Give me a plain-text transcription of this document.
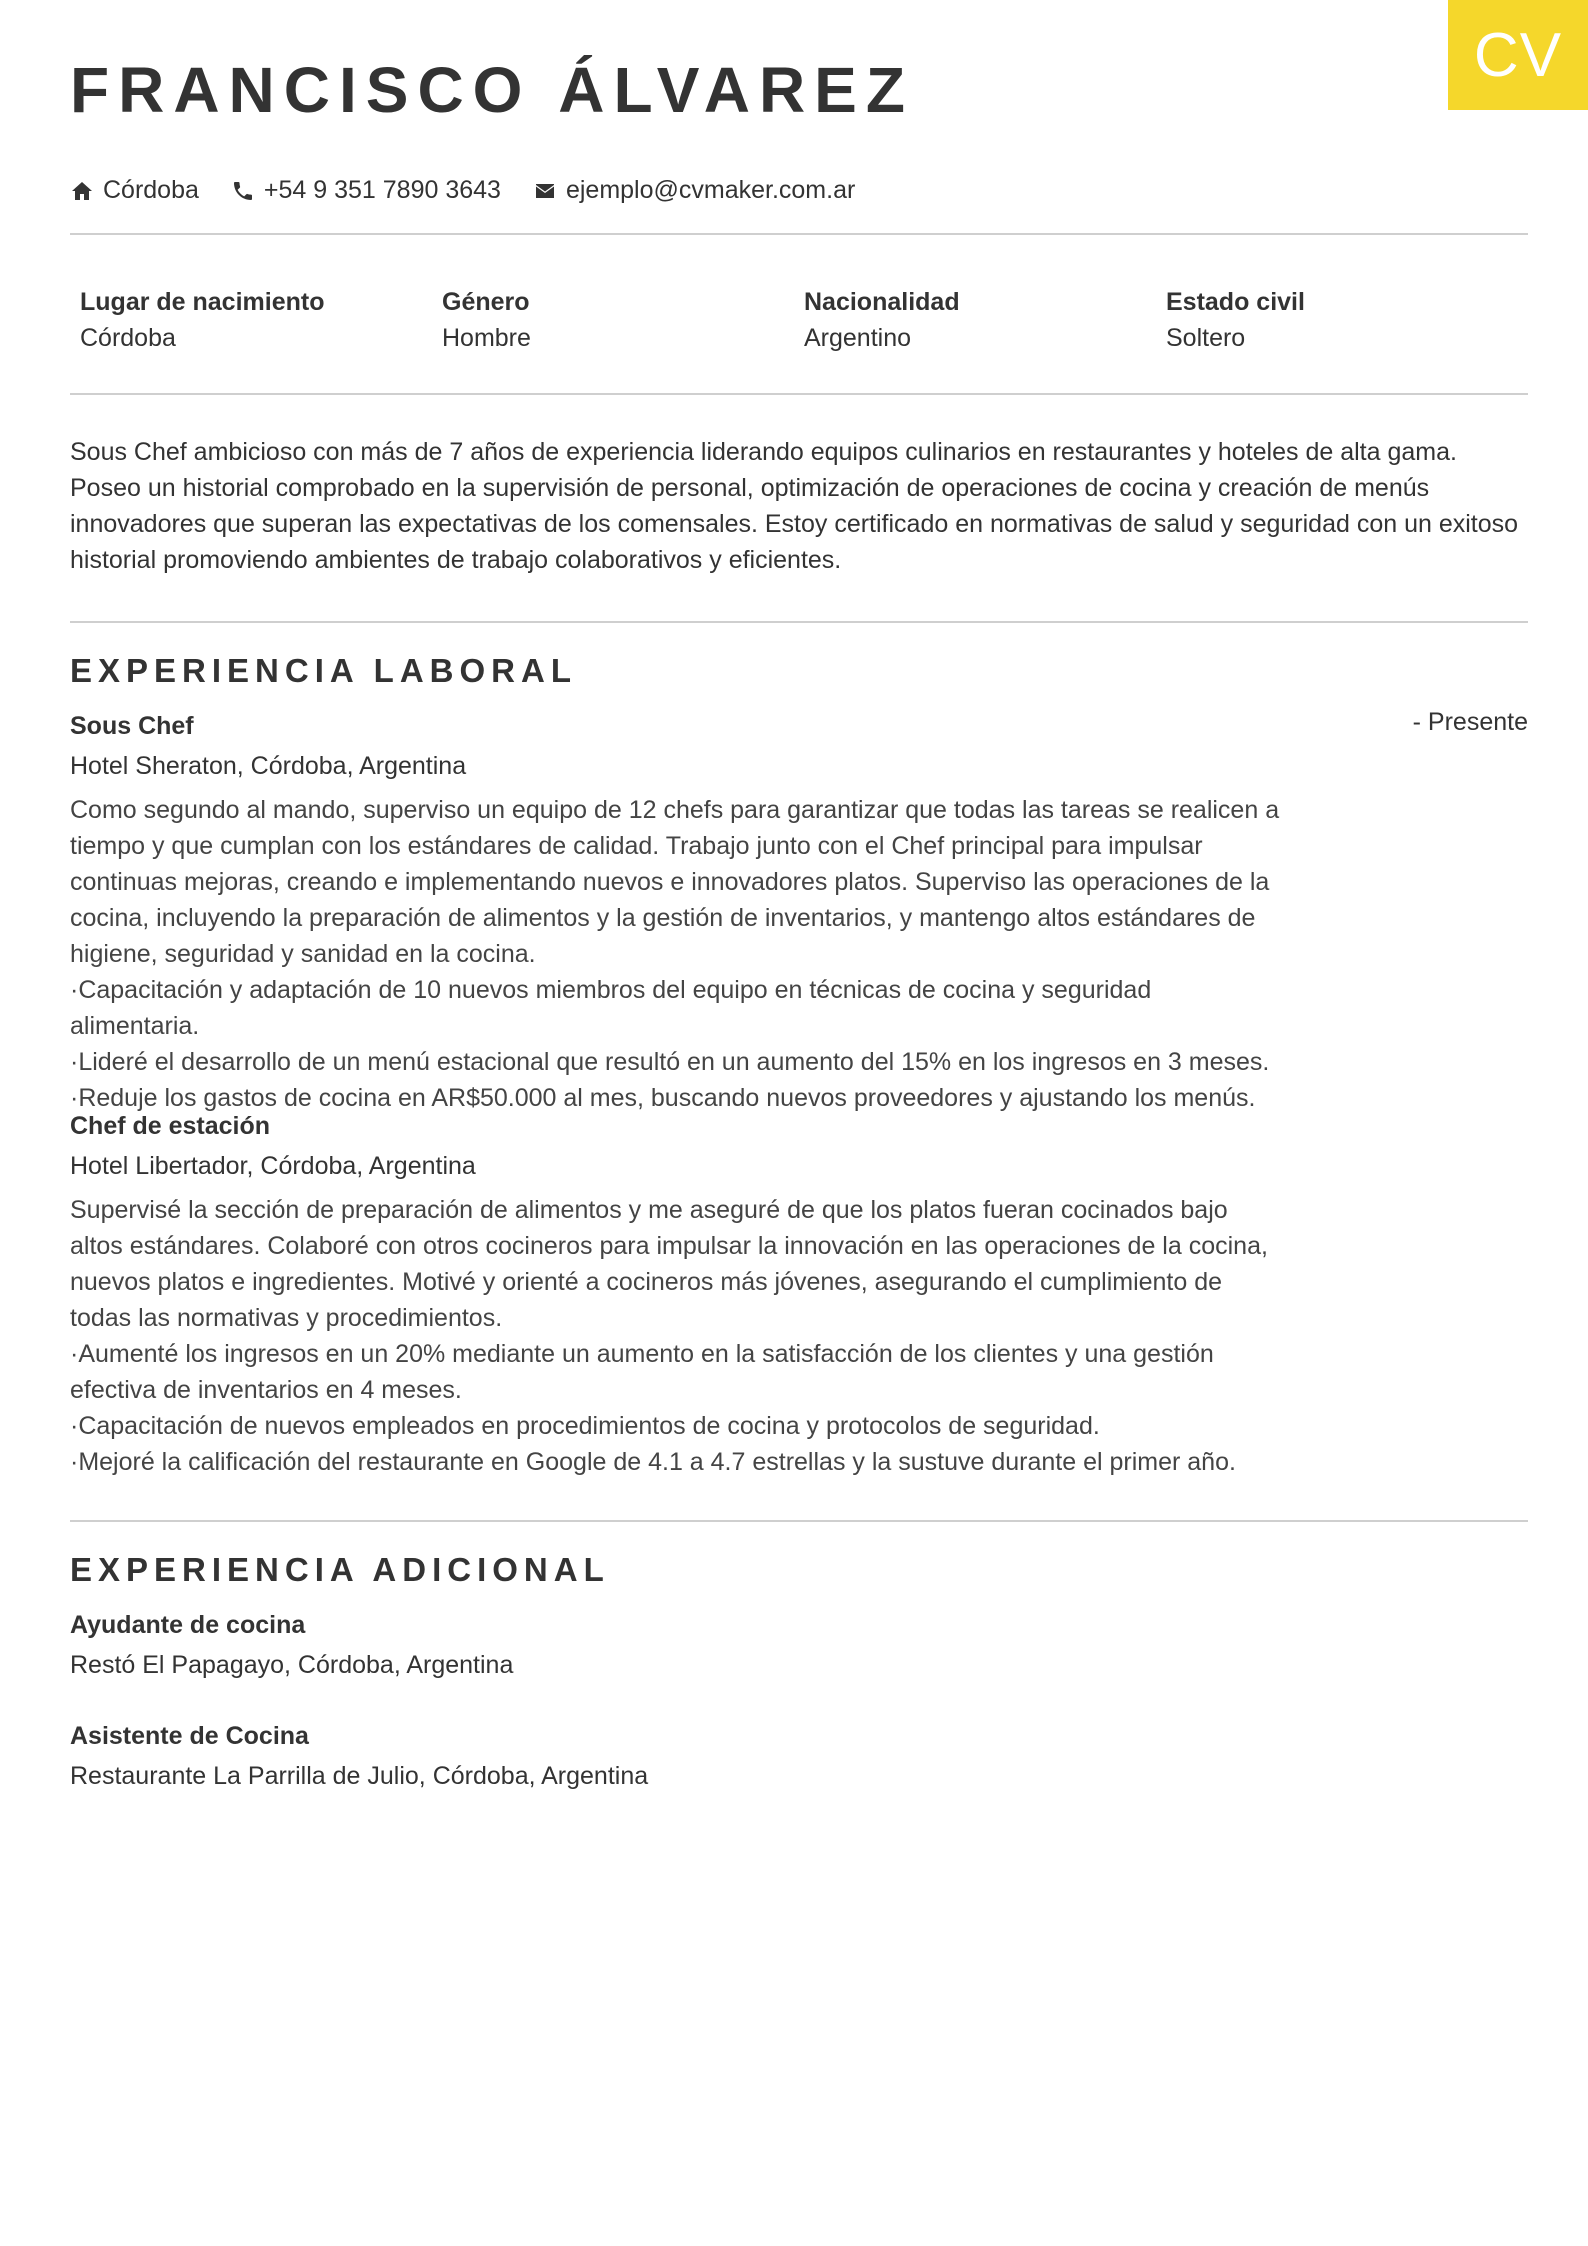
CV
FRANCISCO ÁLVAREZ
Córdoba	+54 9 351 7890 3643	ejemplo@cvmaker.com.ar
Lugar de nacimiento
Córdoba
Género
Hombre
Nacionalidad
Argentino
Estado civil
Soltero

Sous Chef ambicioso con más de 7 años de experiencia liderando equipos culinarios en restaurantes y hoteles de alta gama. Poseo un historial comprobado en la supervisión de personal, optimización de operaciones de cocina y creación de menús innovadores que superan las expectativas de los comensales. Estoy certificado en normativas de salud y seguridad con un exitoso historial promoviendo ambientes de trabajo colaborativos y eficientes.

EXPERIENCIA LABORAL
Sous Chef	- Presente
Hotel Sheraton, Córdoba, Argentina
Como segundo al mando, superviso un equipo de 12 chefs para garantizar que todas las tareas se realicen a tiempo y que cumplan con los estándares de calidad. Trabajo junto con el Chef principal para impulsar continuas mejoras, creando e implementando nuevos e innovadores platos. Superviso las operaciones de la cocina, incluyendo la preparación de alimentos y la gestión de inventarios, y mantengo altos estándares de higiene, seguridad y sanidad en la cocina.
·Capacitación y adaptación de 10 nuevos miembros del equipo en técnicas de cocina y seguridad alimentaria.
·Lideré el desarrollo de un menú estacional que resultó en un aumento del 15% en los ingresos en 3 meses.
·Reduje los gastos de cocina en AR$50.000 al mes, buscando nuevos proveedores y ajustando los menús.
Chef de estación
Hotel Libertador, Córdoba, Argentina
Supervisé la sección de preparación de alimentos y me aseguré de que los platos fueran cocinados bajo altos estándares. Colaboré con otros cocineros para impulsar la innovación en las operaciones de la cocina, nuevos platos e ingredientes. Motivé y orienté a cocineros más jóvenes, asegurando el cumplimiento de todas las normativas y procedimientos.
·Aumenté los ingresos en un 20% mediante un aumento en la satisfacción de los clientes y una gestión efectiva de inventarios en 4 meses.
·Capacitación de nuevos empleados en procedimientos de cocina y protocolos de seguridad.
·Mejoré la calificación del restaurante en Google de 4.1 a 4.7 estrellas y la sustuve durante el primer año.
EXPERIENCIA ADICIONAL
Ayudante de cocina
Restó El Papagayo, Córdoba, Argentina
Asistente de Cocina
Restaurante La Parrilla de Julio, Córdoba, Argentina
